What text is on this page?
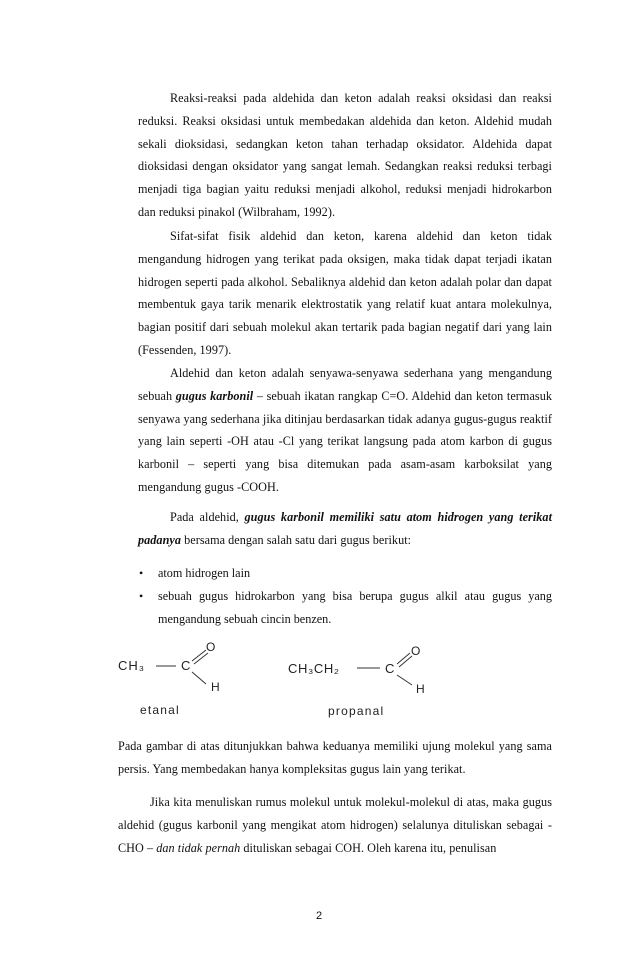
Reaksi-reaksi pada aldehida dan keton adalah reaksi oksidasi dan reaksi reduksi. Reaksi oksidasi untuk membedakan aldehida dan keton. Aldehid mudah sekali dioksidasi, sedangkan keton tahan terhadap oksidator. Aldehida dapat dioksidasi dengan oksidator yang sangat lemah. Sedangkan reaksi reduksi terbagi menjadi tiga bagian yaitu reduksi menjadi alkohol, reduksi menjadi hidrokarbon dan reduksi pinakol (Wilbraham, 1992).

Sifat-sifat fisik aldehid dan keton, karena aldehid dan keton tidak mengandung hidrogen yang terikat pada oksigen, maka tidak dapat terjadi ikatan hidrogen seperti pada alkohol. Sebaliknya aldehid dan keton adalah polar dan dapat membentuk gaya tarik menarik elektrostatik yang relatif kuat antara molekulnya, bagian positif dari sebuah molekul akan tertarik pada bagian negatif dari yang lain (Fessenden, 1997).

Aldehid dan keton adalah senyawa-senyawa sederhana yang mengandung sebuah gugus karbonil – sebuah ikatan rangkap C=O. Aldehid dan keton termasuk senyawa yang sederhana jika ditinjau berdasarkan tidak adanya gugus-gugus reaktif yang lain seperti -OH atau -Cl yang terikat langsung pada atom karbon di gugus karbonil – seperti yang bisa ditemukan pada asam-asam karboksilat yang mengandung gugus -COOH.

Pada aldehid, gugus karbonil memiliki satu atom hidrogen yang terikat padanya bersama dengan salah satu dari gugus berikut:

• atom hidrogen lain
• sebuah gugus hidrokarbon yang bisa berupa gugus alkil atau gugus yang mengandung sebuah cincin benzen.
CH₃	C
O
H
etanal
CH₃CH₂	C
O
H
propanal

Pada gambar di atas ditunjukkan bahwa keduanya memiliki ujung molekul yang sama persis. Yang membedakan hanya kompleksitas gugus lain yang terikat.

Jika kita menuliskan rumus molekul untuk molekul-molekul di atas, maka gugus aldehid (gugus karbonil yang mengikat atom hidrogen) selalunya dituliskan sebagai -CHO – dan tidak pernah dituliskan sebagai COH. Oleh karena itu, penulisan

2
